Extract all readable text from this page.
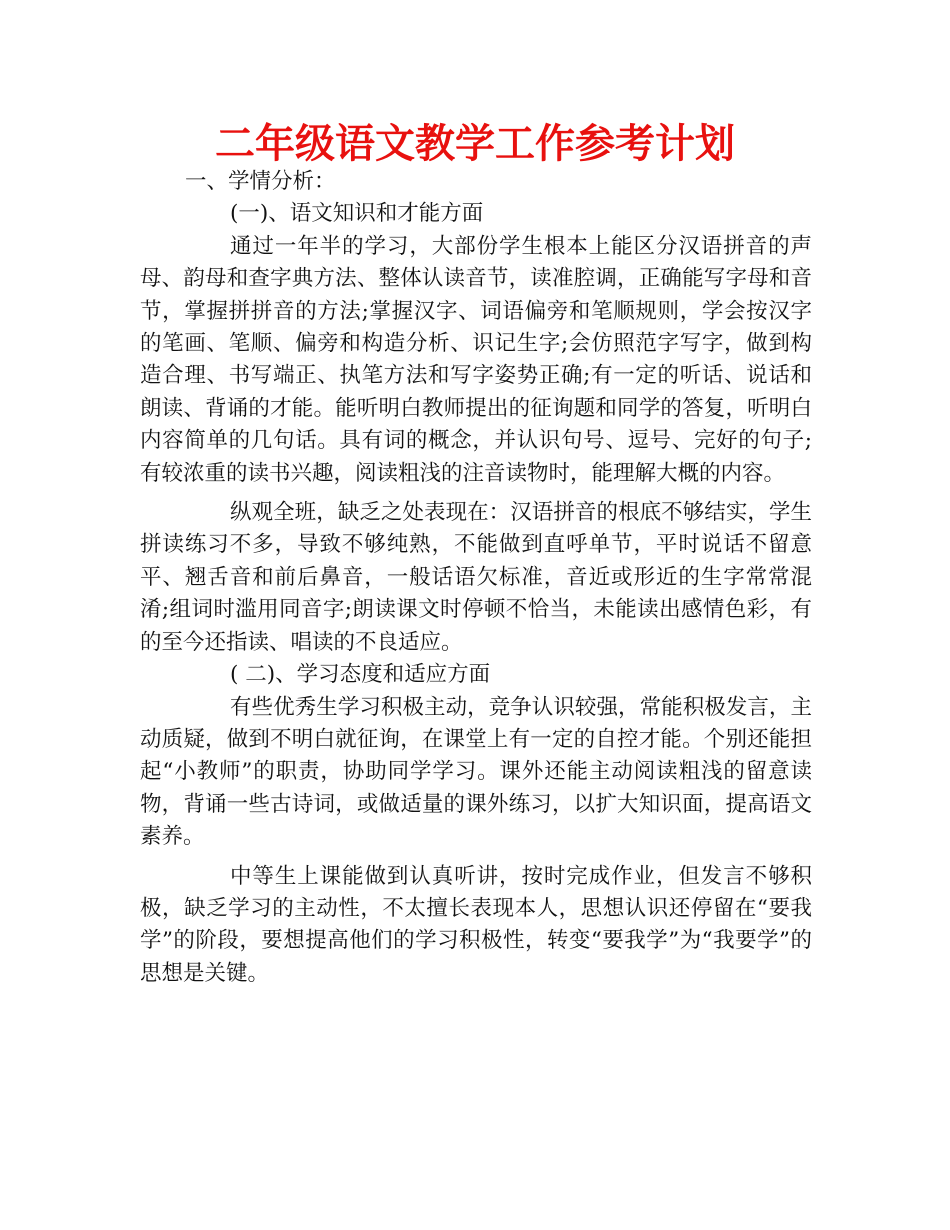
二年级语文教学工作参考计划

一、学情分析：

(一)、语文知识和才能方面

通过一年半的学习，大部份学生根本上能区分汉语拼音的声母、韵母和查字典方法、整体认读音节，读准腔调，正确能写字母和音节，掌握拼拼音的方法;掌握汉字、词语偏旁和笔顺规则，学会按汉字的笔画、笔顺、偏旁和构造分析、识记生字;会仿照范字写字，做到构造合理、书写端正、执笔方法和写字姿势正确;有一定的听话、说话和朗读、背诵的才能。能听明白教师提出的征询题和同学的答复，听明白内容简单的几句话。具有词的概念，并认识句号、逗号、完好的句子;有较浓重的读书兴趣，阅读粗浅的注音读物时，能理解大概的内容。

纵观全班，缺乏之处表现在：汉语拼音的根底不够结实，学生拼读练习不多，导致不够纯熟，不能做到直呼单节，平时说话不留意平、翘舌音和前后鼻音，一般话语欠标准，音近或形近的生字常常混淆;组词时滥用同音字;朗读课文时停顿不恰当，未能读出感情色彩，有的至今还指读、唱读的不良适应。

( 二)、学习态度和适应方面

有些优秀生学习积极主动，竞争认识较强，常能积极发言，主动质疑，做到不明白就征询，在课堂上有一定的自控才能。个别还能担起“小教师”的职责，协助同学学习。课外还能主动阅读粗浅的留意读物，背诵一些古诗词，或做适量的课外练习，以扩大知识面，提高语文素养。

中等生上课能做到认真听讲，按时完成作业，但发言不够积极，缺乏学习的主动性，不太擅长表现本人，思想认识还停留在“要我学”的阶段，要想提高他们的学习积极性，转变“要我学”为“我要学”的思想是关键。
